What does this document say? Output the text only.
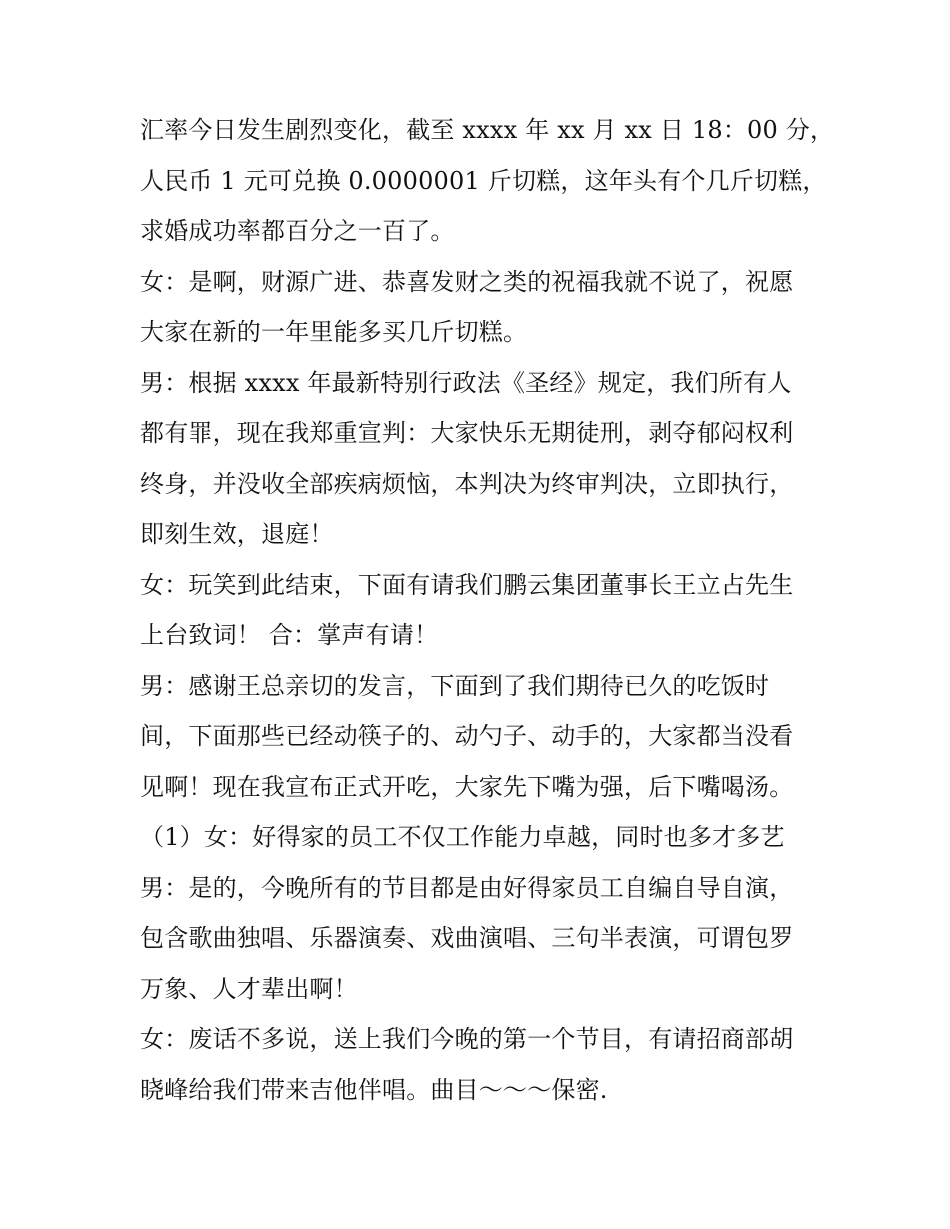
汇率今日发生剧烈变化，截至 xxxx 年 xx 月 xx 日 18：00 分，
人民币 1 元可兑换 0.0000001 斤切糕，这年头有个几斤切糕，
求婚成功率都百分之一百了。
女：是啊，财源广进、恭喜发财之类的祝福我就不说了，祝愿
大家在新的一年里能多买几斤切糕。
男：根据 xxxx 年最新特别行政法《圣经》规定，我们所有人
都有罪，现在我郑重宣判：大家快乐无期徒刑，剥夺郁闷权利
终身，并没收全部疾病烦恼，本判决为终审判决，立即执行，
即刻生效，退庭！
女：玩笑到此结束，下面有请我们鹏云集团董事长王立占先生
上台致词！ 合：掌声有请！
男：感谢王总亲切的发言，下面到了我们期待已久的吃饭时
间，下面那些已经动筷子的、动勺子、动手的，大家都当没看
见啊！现在我宣布正式开吃，大家先下嘴为强，后下嘴喝汤。
（1）女：好得家的员工不仅工作能力卓越，同时也多才多艺
男：是的，今晚所有的节目都是由好得家员工自编自导自演，
包含歌曲独唱、乐器演奏、戏曲演唱、三句半表演，可谓包罗
万象、人才辈出啊！
女：废话不多说，送上我们今晚的第一个节目，有请招商部胡
晓峰给我们带来吉他伴唱。曲目～～～保密.
